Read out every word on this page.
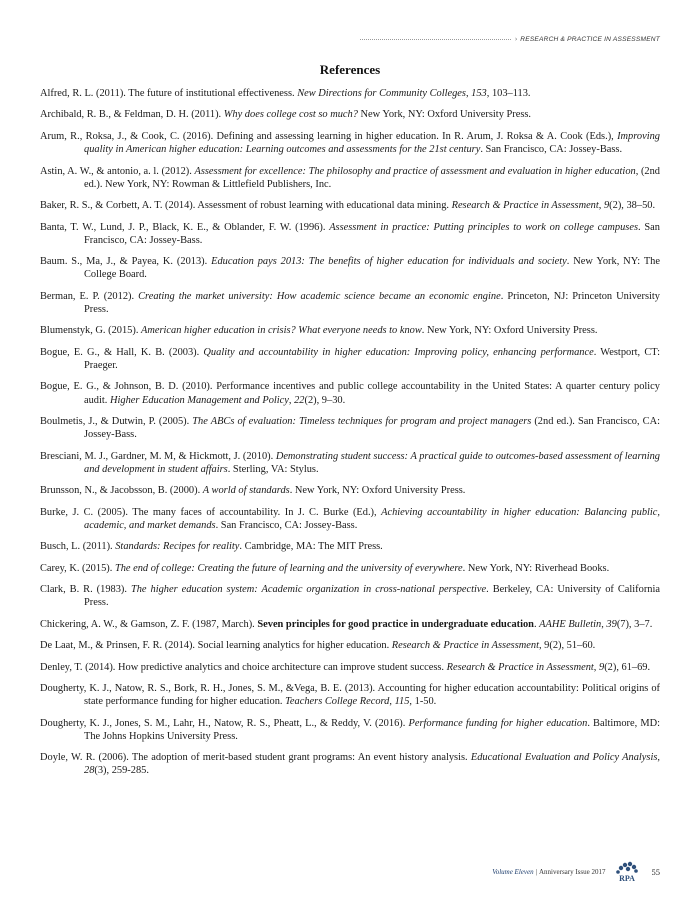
› RESEARCH & PRACTICE IN ASSESSMENT
References
Alfred, R. L. (2011). The future of institutional effectiveness. New Directions for Community Colleges, 153, 103–113.
Archibald, R. B., & Feldman, D. H. (2011). Why does college cost so much? New York, NY: Oxford University Press.
Arum, R., Roksa, J., & Cook, C. (2016). Defining and assessing learning in higher education. In R. Arum, J. Roksa & A. Cook (Eds.), Improving quality in American higher education: Learning outcomes and assessments for the 21st century. San Francisco, CA: Jossey-Bass.
Astin, A. W., & antonio, a. l. (2012). Assessment for excellence: The philosophy and practice of assessment and evaluation in higher education, (2nd ed.). New York, NY: Rowman & Littlefield Publishers, Inc.
Baker, R. S., & Corbett, A. T. (2014). Assessment of robust learning with educational data mining. Research & Practice in Assessment, 9(2), 38–50.
Banta, T. W., Lund, J. P., Black, K. E., & Oblander, F. W. (1996). Assessment in practice: Putting principles to work on college campuses. San Francisco, CA: Jossey-Bass.
Baum. S., Ma, J., & Payea, K. (2013). Education pays 2013: The benefits of higher education for individuals and society. New York, NY: The College Board.
Berman, E. P. (2012). Creating the market university: How academic science became an economic engine. Princeton, NJ: Princeton University Press.
Blumenstyk, G. (2015). American higher education in crisis? What everyone needs to know. New York, NY: Oxford University Press.
Bogue, E. G., & Hall, K. B. (2003). Quality and accountability in higher education: Improving policy, enhancing performance. Westport, CT: Praeger.
Bogue, E. G., & Johnson, B. D. (2010). Performance incentives and public college accountability in the United States: A quarter century policy audit. Higher Education Management and Policy, 22(2), 9–30.
Boulmetis, J., & Dutwin, P. (2005). The ABCs of evaluation: Timeless techniques for program and project managers (2nd ed.). San Francisco, CA: Jossey-Bass.
Bresciani, M. J., Gardner, M. M, & Hickmott, J. (2010). Demonstrating student success: A practical guide to outcomes-based assessment of learning and development in student affairs. Sterling, VA: Stylus.
Brunsson, N., & Jacobsson, B. (2000). A world of standards. New York, NY: Oxford University Press.
Burke, J. C. (2005). The many faces of accountability. In J. C. Burke (Ed.), Achieving accountability in higher education: Balancing public, academic, and market demands. San Francisco, CA: Jossey-Bass.
Busch, L. (2011). Standards: Recipes for reality. Cambridge, MA: The MIT Press.
Carey, K. (2015). The end of college: Creating the future of learning and the university of everywhere. New York, NY: Riverhead Books.
Clark, B. R. (1983). The higher education system: Academic organization in cross-national perspective. Berkeley, CA: University of California Press.
Chickering, A. W., & Gamson, Z. F. (1987, March). Seven principles for good practice in undergraduate education. AAHE Bulletin, 39(7), 3–7.
De Laat, M., & Prinsen, F. R. (2014). Social learning analytics for higher education. Research & Practice in Assessment, 9(2), 51–60.
Denley, T. (2014). How predictive analytics and choice architecture can improve student success. Research & Practice in Assessment, 9(2), 61–69.
Dougherty, K. J., Natow, R. S., Bork, R. H., Jones, S. M., &Vega, B. E. (2013). Accounting for higher education accountability: Political origins of state performance funding for higher education. Teachers College Record, 115, 1-50.
Dougherty, K. J., Jones, S. M., Lahr, H., Natow, R. S., Pheatt, L., & Reddy, V. (2016). Performance funding for higher education. Baltimore, MD: The Johns Hopkins University Press.
Doyle, W. R. (2006). The adoption of merit-based student grant programs: An event history analysis. Educational Evaluation and Policy Analysis, 28(3), 259-285.
Volume Eleven | Anniversary Issue 2017
RPA
55
